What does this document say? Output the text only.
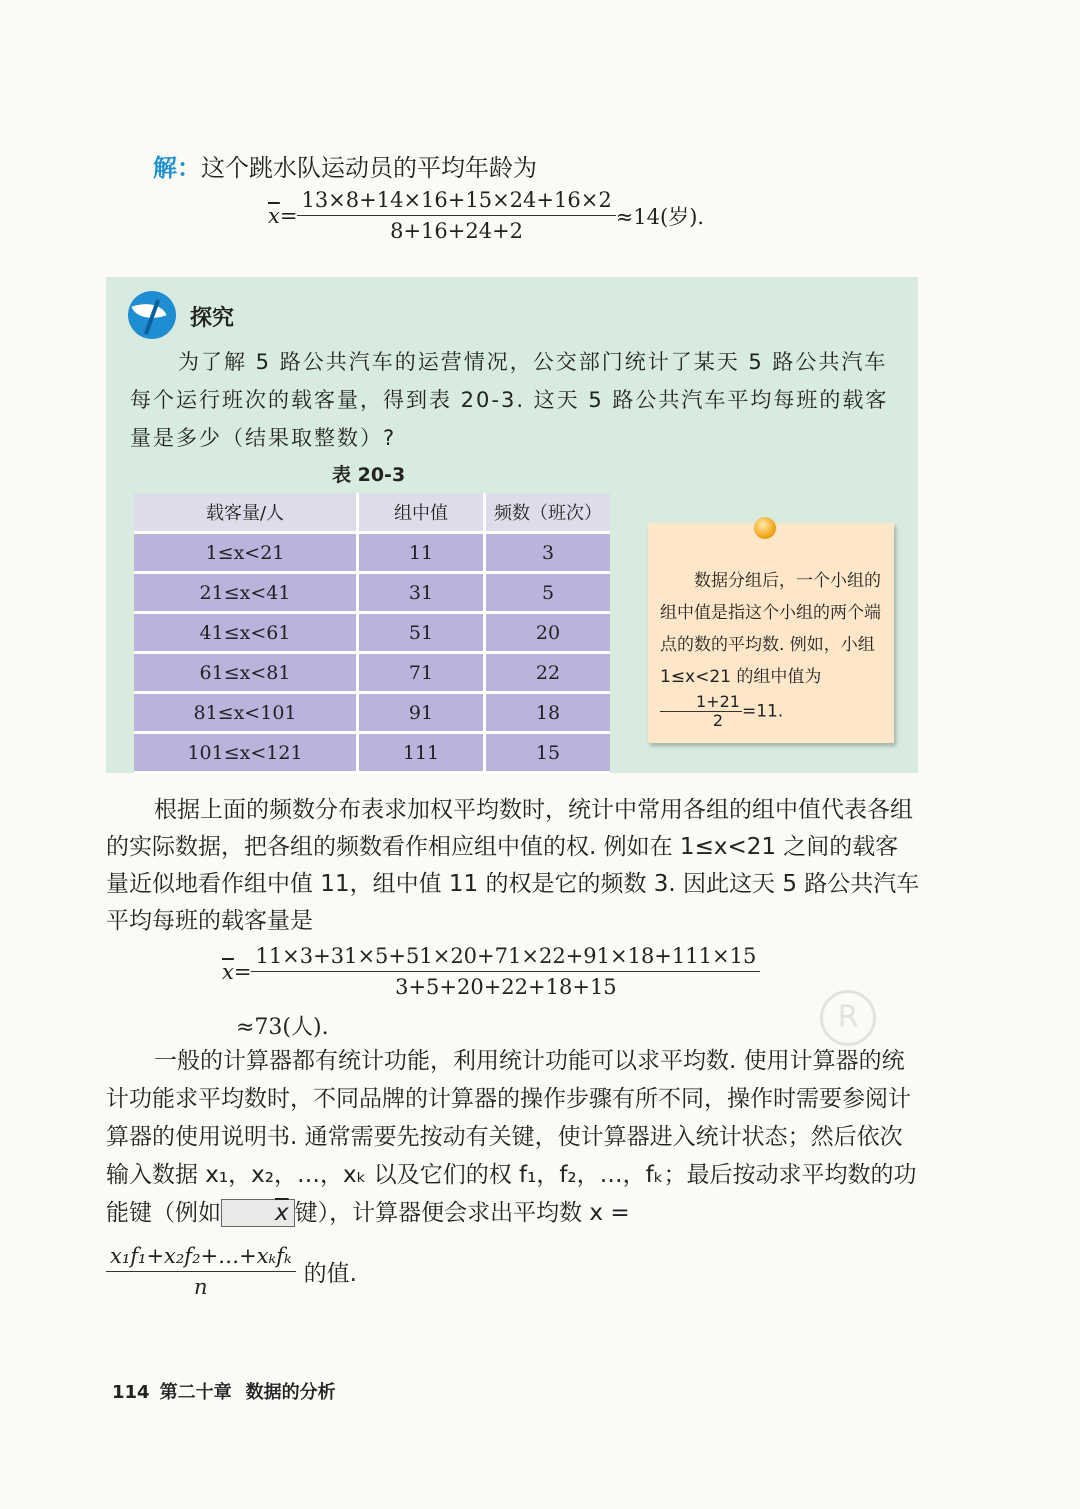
解：这个跳水队运动员的平均年龄为
$\overline{x} = \frac{13\times 8+14\times 16+15\times 24+16\times 2}{8+16+24+2} \approx 14$(岁).
探究

为了解 5 路公共汽车的运营情况，公交部门统计了某天 5 路公共汽车每个运行班次的载客量，得到表 20-3. 这天 5 路公共汽车平均每班的载客量是多少（结果取整数）?

表 20-3
载客量/人	组中值	频数（班次）
1≤x<21	11	3
21≤x<41	31	5
41≤x<61	51	20
61≤x<81	71	22
81≤x<101	91	18
101≤x<121	111	15
数据分组后，一个小组的组中值是指这个小组的两个端点的数的平均数. 例如，小组 1≤x<21 的组中值为
$\frac{1+21}{2} =11$.

根据上面的频数分布表求加权平均数时，统计中常用各组的组中值代表各组的实际数据，把各组的频数看作相应组中值的权. 例如在 1≤x<21 之间的载客量近似地看作组中值 11，组中值 11 的权是它的频数 3. 因此这天 5 路公共汽车平均每班的载客量是

$\overline{x} = \frac{11\times 3+31\times 5+51\times 20+71\times 22+91\times 18+111\times 15}{3+5+20+22+18+15}$
≈73(人).	R

一般的计算器都有统计功能，利用统计功能可以求平均数. 使用计算器的统计功能求平均数时，不同品牌的计算器的操作步骤有所不同，操作时需要参阅计算器的使用说明书. 通常需要先按动有关键，使计算器进入统计状态；然后依次输入数据 x₁，x₂，…，xₖ 以及它们的权 f₁，f₂，…，fₖ；最后按动求平均数的功能键（例如 $\overline{x}$ 键），计算器便会求出平均数 x =

$\frac{\text{x₁f₁+x₂f₂+…+xₖfₖ}}{n}$ 的值.
114 第二十章 数据的分析
